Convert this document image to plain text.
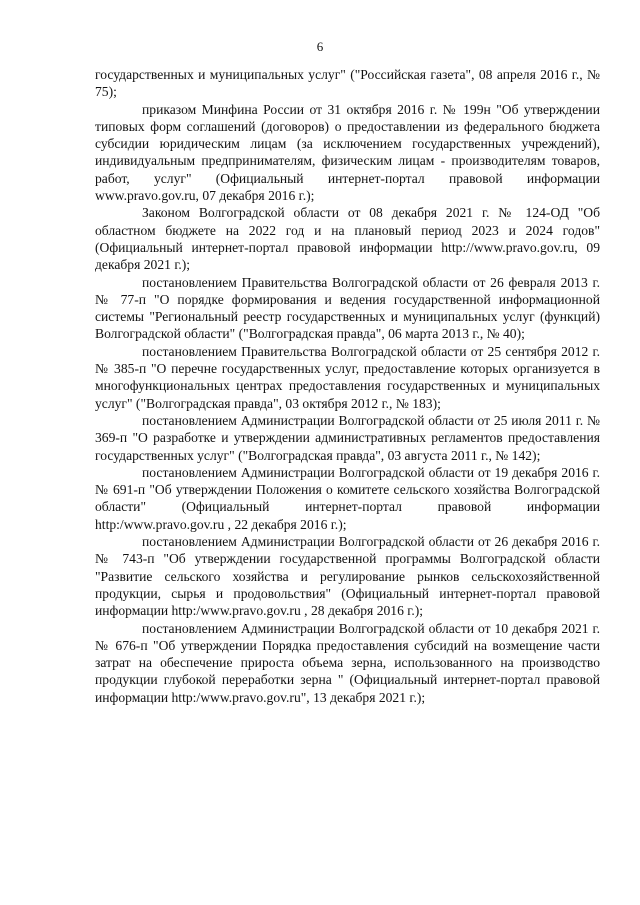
6

государственных и муниципальных услуг" ("Российская газета", 08 апреля 2016 г., № 75);

приказом Минфина России от 31 октября 2016 г. № 199н "Об утверждении типовых форм соглашений (договоров) о предоставлении из федерального бюджета субсидии юридическим лицам (за исключением государственных учреждений), индивидуальным предпринимателям, физическим лицам - производителям товаров, работ, услуг" (Официальный интернет-портал правовой информации www.pravo.gov.ru, 07 декабря 2016 г.);

Законом Волгоградской области от 08 декабря 2021 г. № 124-ОД "Об областном бюджете на 2022 год и на плановый период 2023 и 2024 годов" (Официальный интернет-портал правовой информации http://www.pravo.gov.ru, 09 декабря 2021 г.);

постановлением Правительства Волгоградской области от 26 февраля 2013 г. № 77-п "О порядке формирования и ведения государственной информационной системы "Региональный реестр государственных и муниципальных услуг (функций) Волгоградской области" ("Волгоградская правда", 06 марта 2013 г., № 40);

постановлением Правительства Волгоградской области от 25 сентября 2012 г. № 385-п "О перечне государственных услуг, предоставление которых организуется в многофункциональных центрах предоставления государственных и муниципальных услуг" ("Волгоградская правда", 03 октября 2012 г., № 183);

постановлением Администрации Волгоградской области от 25 июля 2011 г. № 369-п "О разработке и утверждении административных регламентов предоставления государственных услуг" ("Волгоградская правда", 03 августа 2011 г., № 142);

постановлением Администрации Волгоградской области от 19 декабря 2016 г. № 691-п "Об утверждении Положения о комитете сельского хозяйства Волгоградской области" (Официальный интернет-портал правовой информации http:/www.pravo.gov.ru , 22 декабря 2016 г.);

постановлением Администрации Волгоградской области от 26 декабря 2016 г. № 743-п "Об утверждении государственной программы Волгоградской области "Развитие сельского хозяйства и регулирование рынков сельскохозяйственной продукции, сырья и продовольствия" (Официальный интернет-портал правовой информации http:/www.pravo.gov.ru , 28 декабря 2016 г.);

постановлением Администрации Волгоградской области от 10 декабря 2021 г. № 676-п "Об утверждении Порядка предоставления субсидий на возмещение части затрат на обеспечение прироста объема зерна, использованного на производство продукции глубокой переработки зерна " (Официальный интернет-портал правовой информации http:/www.pravo.gov.ru", 13 декабря 2021 г.);
